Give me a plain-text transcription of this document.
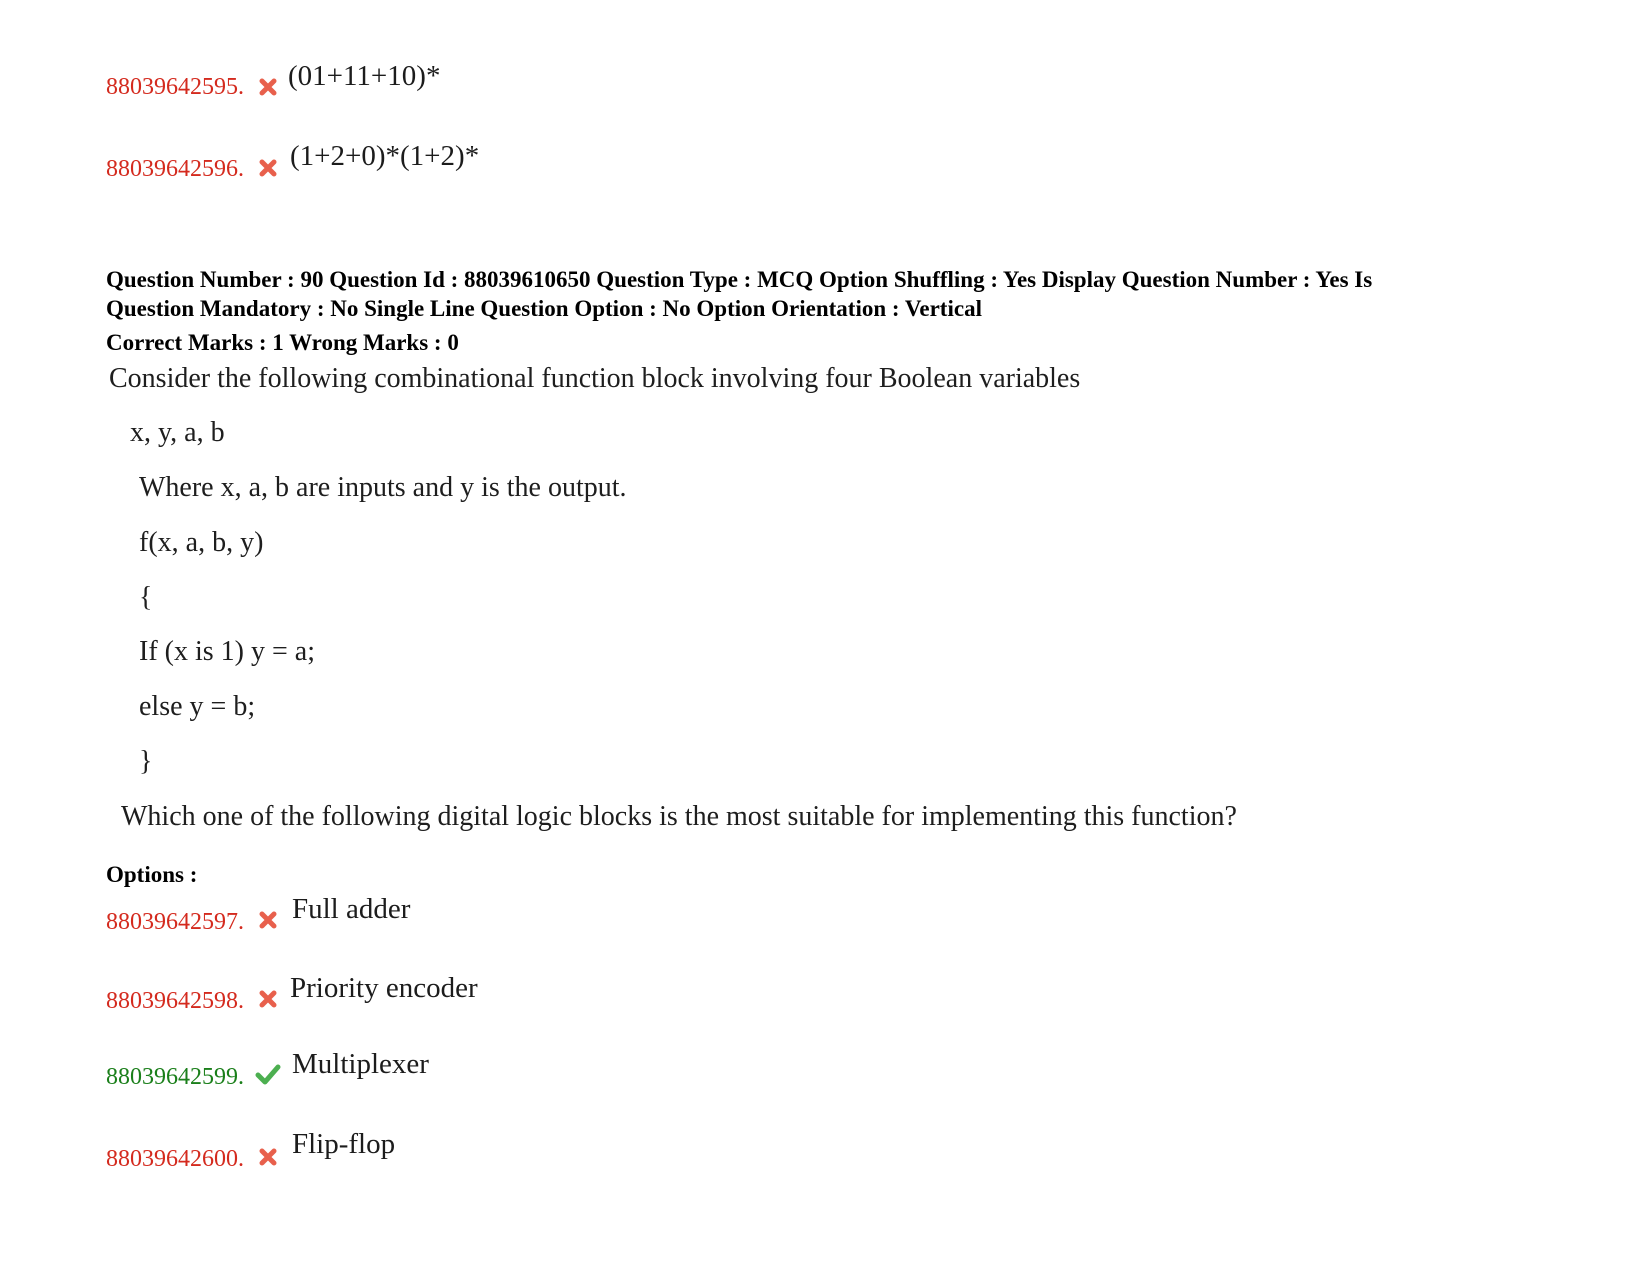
88039642595. (01+11+10)*
88039642596. (1+2+0)*(1+2)*
Question Number : 90 Question Id : 88039610650 Question Type : MCQ Option Shuffling : Yes Display Question Number : Yes Is
Question Mandatory : No Single Line Question Option : No Option Orientation : Vertical
Correct Marks : 1 Wrong Marks : 0
Consider the following combinational function block involving four Boolean variables
x, y, a, b
Where x, a, b are inputs and y is the output.
f(x, a, b, y)
{
If (x is 1) y = a;
else y = b;
}
Which one of the following digital logic blocks is the most suitable for implementing this function?
Options :
88039642597. Full adder
88039642598. Priority encoder
88039642599. Multiplexer
88039642600. Flip-flop
